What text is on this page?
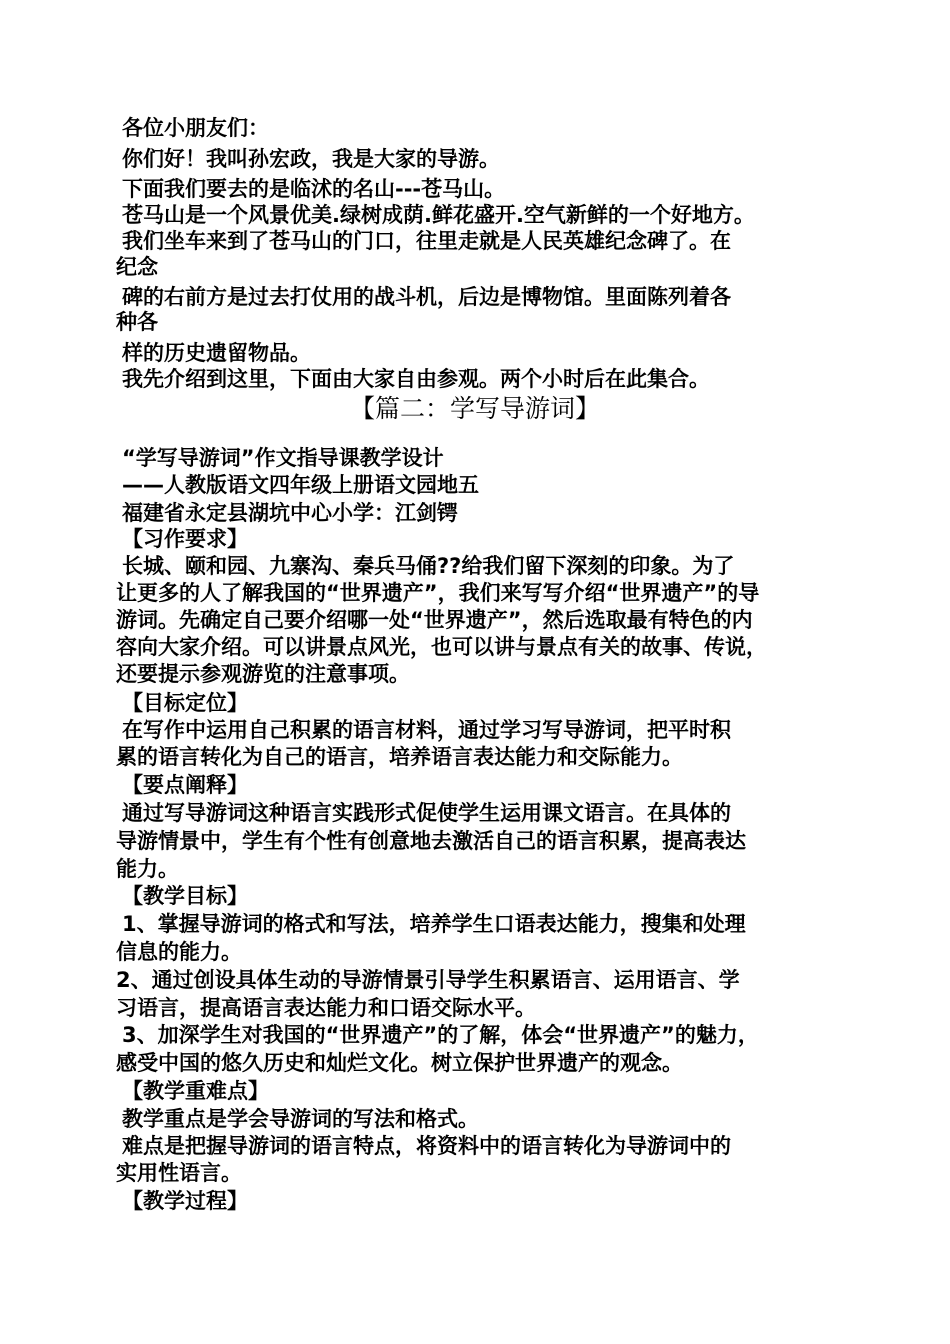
各位小朋友们：
你们好！我叫孙宏政，我是大家的导游。
下面我们要去的是临沭的名山---苍马山。
苍马山是一个风景优美.绿树成荫.鲜花盛开.空气新鲜的一个好地方。
我们坐车来到了苍马山的门口，往里走就是人民英雄纪念碑了。在
纪念
碑的右前方是过去打仗用的战斗机，后边是博物馆。里面陈列着各
种各
样的历史遗留物品。
我先介绍到这里，下面由大家自由参观。两个小时后在此集合。
【篇二：学写导游词】
“学写导游词”作文指导课教学设计
——人教版语文四年级上册语文园地五
福建省永定县湖坑中心小学：江剑锷
【习作要求】
长城、颐和园、九寨沟、秦兵马俑??给我们留下深刻的印象。为了
让更多的人了解我国的“世界遗产”，我们来写写介绍“世界遗产”的导
游词。先确定自己要介绍哪一处“世界遗产”，然后选取最有特色的内
容向大家介绍。可以讲景点风光，也可以讲与景点有关的故事、传说，
还要提示参观游览的注意事项。
【目标定位】
在写作中运用自己积累的语言材料，通过学习写导游词，把平时积
累的语言转化为自己的语言，培养语言表达能力和交际能力。
【要点阐释】
通过写导游词这种语言实践形式促使学生运用课文语言。在具体的
导游情景中，学生有个性有创意地去激活自己的语言积累，提高表达
能力。
【教学目标】
1、掌握导游词的格式和写法，培养学生口语表达能力，搜集和处理
信息的能力。
2、通过创设具体生动的导游情景引导学生积累语言、运用语言、学
习语言，提高语言表达能力和口语交际水平。
3、加深学生对我国的“世界遗产”的了解，体会“世界遗产”的魅力，
感受中国的悠久历史和灿烂文化。树立保护世界遗产的观念。
【教学重难点】
教学重点是学会导游词的写法和格式。
难点是把握导游词的语言特点，将资料中的语言转化为导游词中的
实用性语言。
【教学过程】
